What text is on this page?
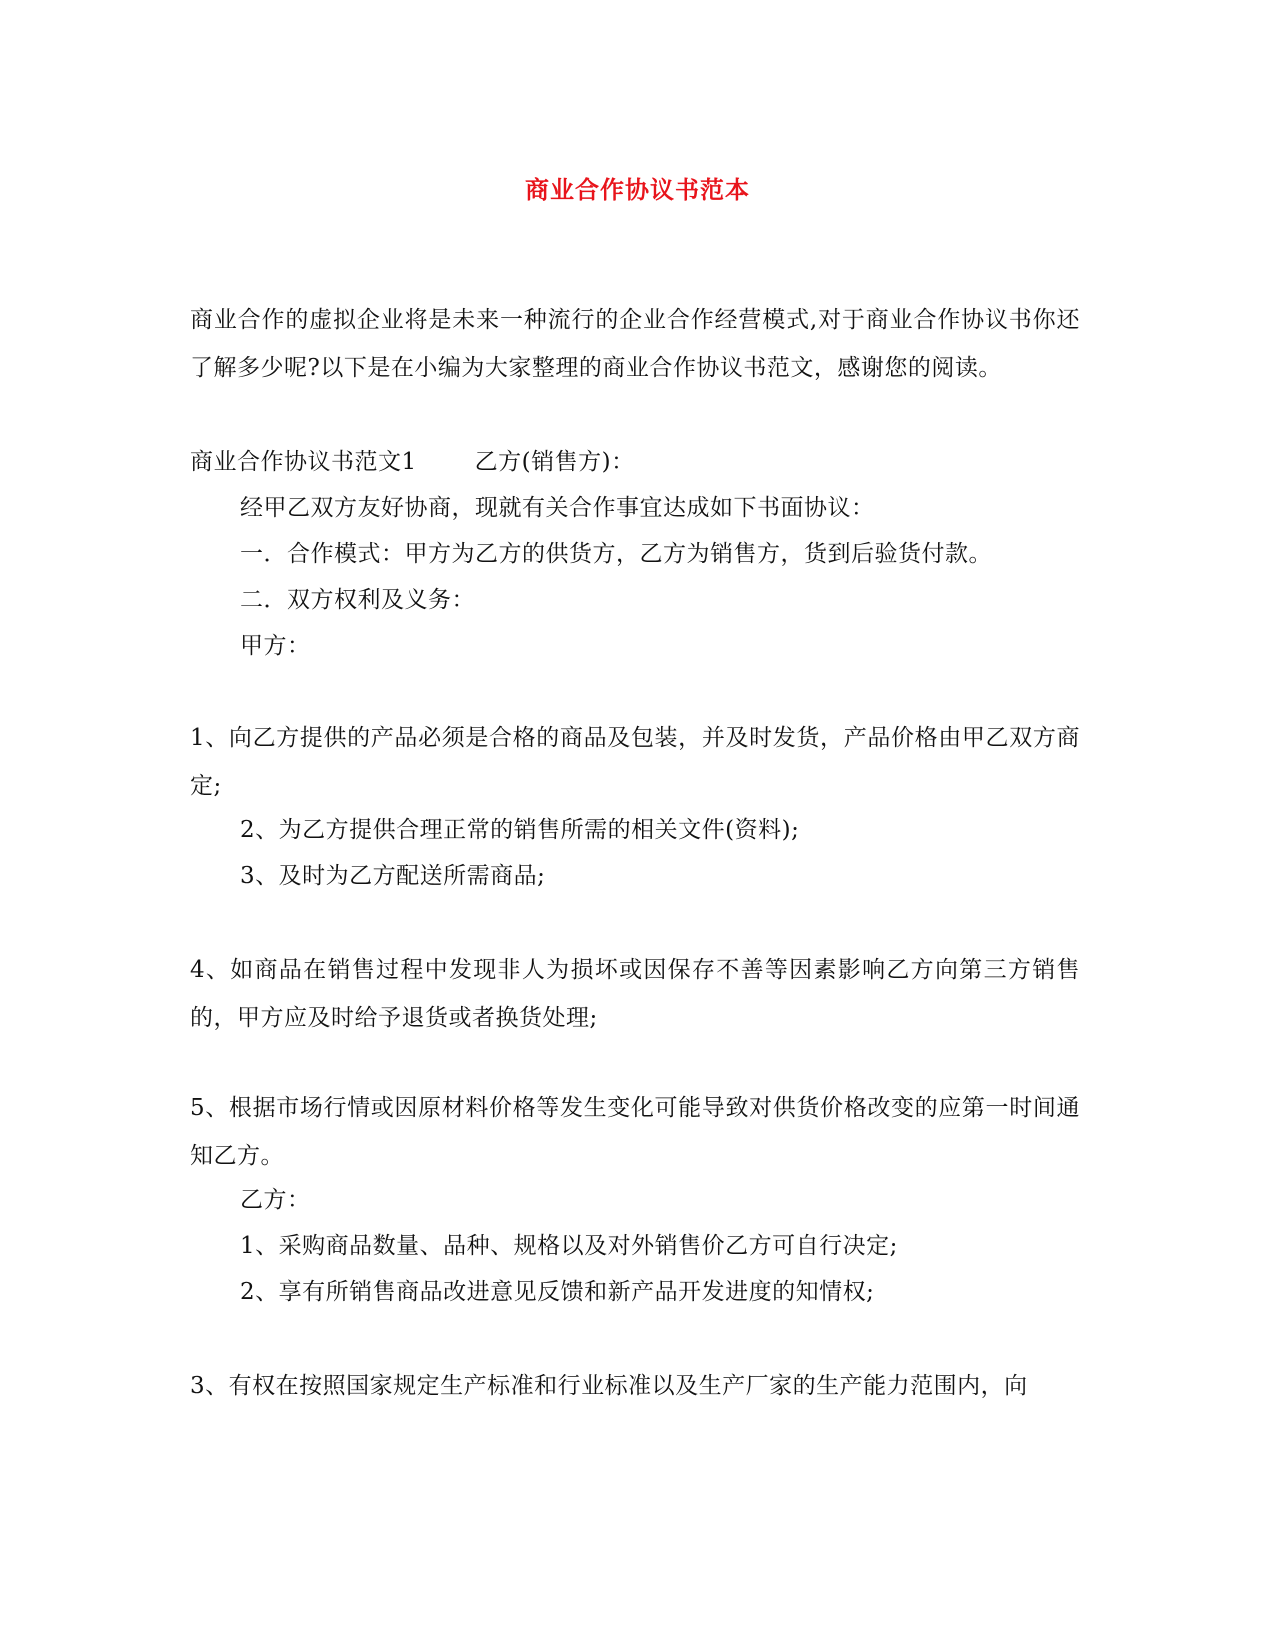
商业合作协议书范本

商业合作的虚拟企业将是未来一种流行的企业合作经营模式,对于商业合作协议书你还了解多少呢?以下是在小编为大家整理的商业合作协议书范文，感谢您的阅读。

商业合作协议书范文1	乙方(销售方)：

经甲乙双方友好协商，现就有关合作事宜达成如下书面协议：

一．合作模式：甲方为乙方的供货方，乙方为销售方，货到后验货付款。

二．双方权利及义务：

甲方：

1、向乙方提供的产品必须是合格的商品及包装，并及时发货，产品价格由甲乙双方商定;

2、为乙方提供合理正常的销售所需的相关文件(资料);

3、及时为乙方配送所需商品;

4、如商品在销售过程中发现非人为损坏或因保存不善等因素影响乙方向第三方销售的，甲方应及时给予退货或者换货处理;

5、根据市场行情或因原材料价格等发生变化可能导致对供货价格改变的应第一时间通知乙方。

乙方：

1、采购商品数量、品种、规格以及对外销售价乙方可自行决定;

2、享有所销售商品改进意见反馈和新产品开发进度的知情权;

3、有权在按照国家规定生产标准和行业标准以及生产厂家的生产能力范围内，向
